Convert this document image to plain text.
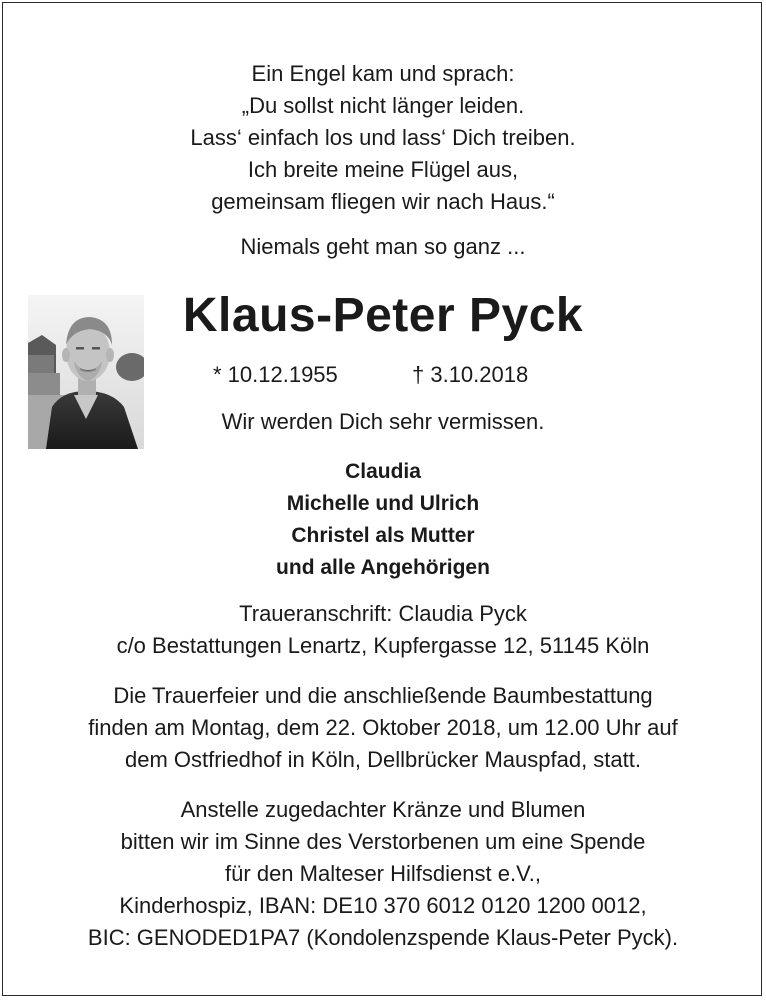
Ein Engel kam und sprach:
„Du sollst nicht länger leiden.
Lass‘ einfach los und lass‘ Dich treiben.
Ich breite meine Flügel aus,
gemeinsam fliegen wir nach Haus.“
Niemals geht man so ganz ...
Klaus-Peter Pyck
* 10.12.1955	† 3.10.2018
Wir werden Dich sehr vermissen.
Claudia
Michelle und Ulrich
Christel als Mutter
und alle Angehörigen
Traueranschrift: Claudia Pyck
c/o Bestattungen Lenartz, Kupfergasse 12, 51145 Köln
Die Trauerfeier und die anschließende Baumbestattung
finden am Montag, dem 22. Oktober 2018, um 12.00 Uhr auf
dem Ostfriedhof in Köln, Dellbrücker Mauspfad, statt.
Anstelle zugedachter Kränze und Blumen
bitten wir im Sinne des Verstorbenen um eine Spende
für den Malteser Hilfsdienst e.V.,
Kinderhospiz, IBAN: DE10 370 6012 0120 1200 0012,
BIC: GENODED1PA7 (Kondolenzspende Klaus-Peter Pyck).
